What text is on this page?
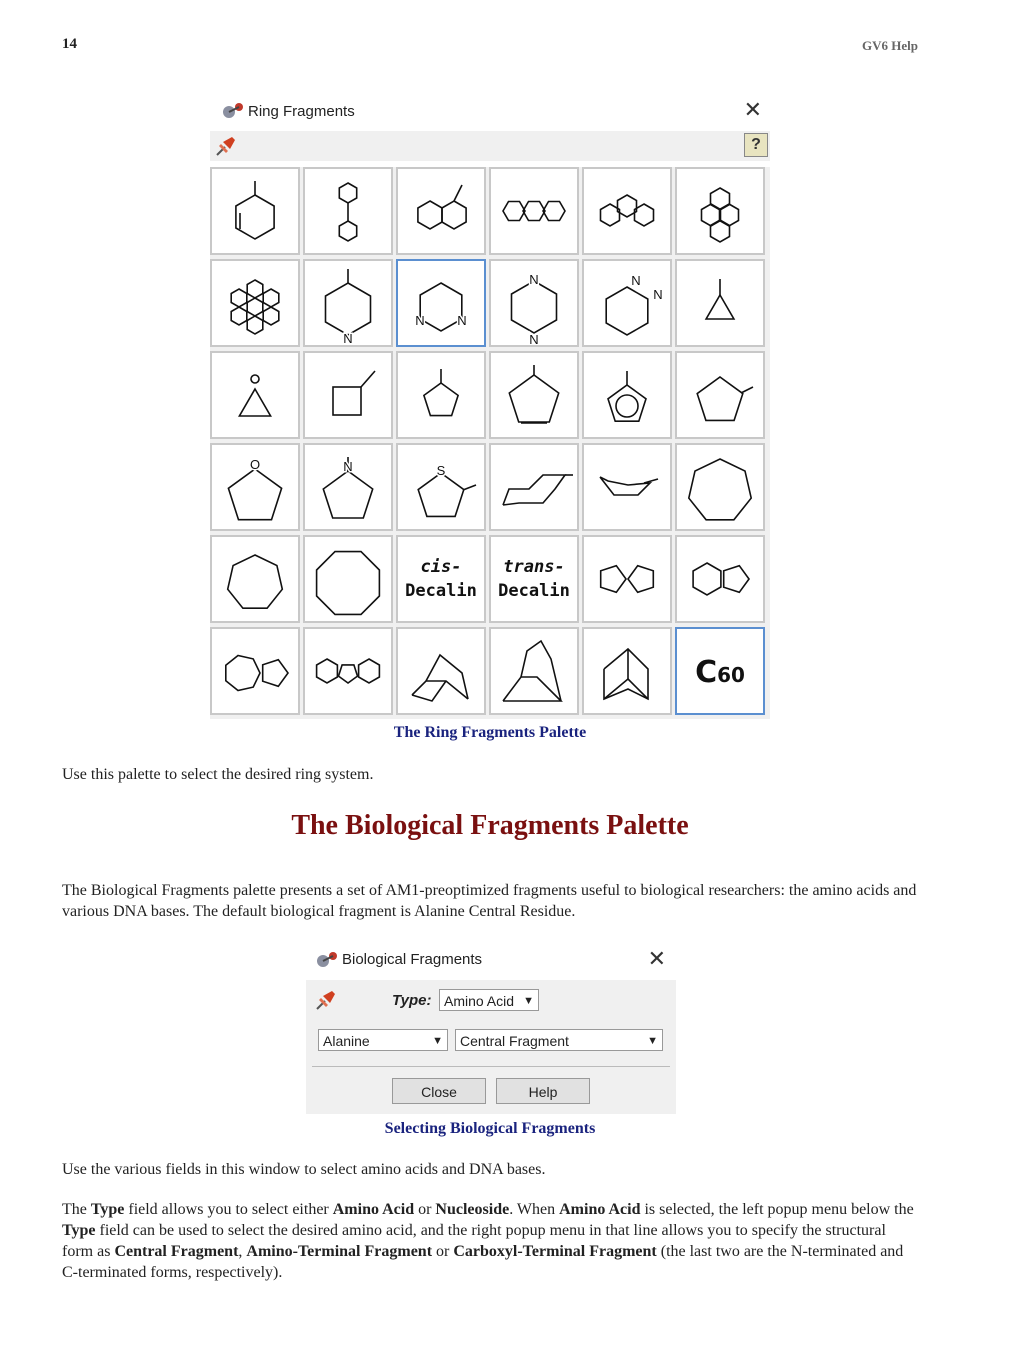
14	GV6 Help
Ring Fragments	✕
?
N
N	N
N
N
N
N
O	N	S
cis-
Decalin
trans-
Decalin
C60
The Ring Fragments Palette
Use this palette to select the desired ring system.
The Biological Fragments Palette
The Biological Fragments palette presents a set of AM1-preoptimized fragments useful to biological researchers: the amino acids and various DNA bases. The default biological fragment is Alanine Central Residue.
Biological Fragments	✕
Type: Amino Acid ▼
Alanine	▼	Central Fragment	▼
Close	Help
Selecting Biological Fragments
Use the various fields in this window to select amino acids and DNA bases.
The Type field allows you to select either Amino Acid or Nucleoside. When Amino Acid is selected, the left popup menu below the Type field can be used to select the desired amino acid, and the right popup menu in that line allows you to specify the structural form as Central Fragment, Amino-Terminal Fragment or Carboxyl-Terminal Fragment (the last two are the N-terminated and C-terminated forms, respectively).
